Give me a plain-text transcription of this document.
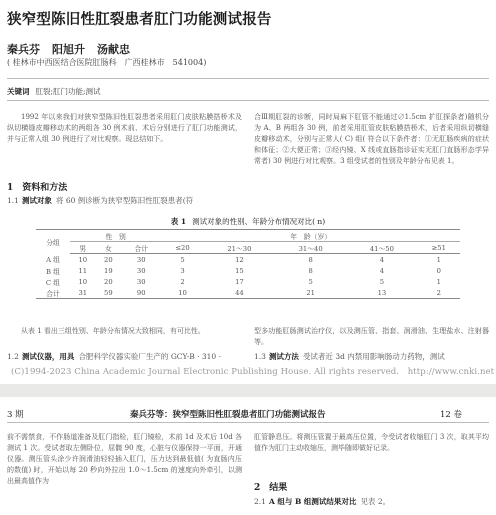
狭窄型陈旧性肛裂患者肛门功能测试报告
秦兵芬 阳旭升 汤献忠
( 桂林市中西医结合医院肛肠科　广西桂林市　541004)
关键词 肛裂;肛门功能;测试

1992 年以来我们对狭窄型陈旧性肛裂患者采用肛门皮肤粘膜搭桥术及纵切横缝皮瓣移动术的两组各 30 例术前、术后分别进行了肛门功能测试，并与正常人组 30 例进行了对比观察。现总结如下。

1　资料和方法
1.1 测试对象 将 60 例诊断为狭窄型陈旧性肛裂患者(符

合Ⅲ期肛裂的诊断，同时局麻下肛管不能通过∅1.5cm 扩肛探条者)随机分为 A、B 两组各 30 例，前者采用肛管皮肤粘膜搭桥术，后者采用纵切横缝皮瓣移动术，分别与正常人( C) 组( 符合以下条件者：①无肛肠疾病的症状和体征；②大便正常；③经内镜、X 线或直肠指诊证实无肛门直肠形态学异常者) 30 例进行对比观察。3 组受试者的性别及年龄分布见表 1。

表 1 测试对象的性别、年龄分布情况对比( n)
分组	性　别			年　龄（岁）				
	男	女	合计	≤20	21～30	31～40	41～50	≥51
A 组	10	20	30	5	12	8	4	1
B 组	11	19	30	3	15	8	4	0
C 组	10	20	30	2	17	5	5	1
合计	31	59	90	10	44	21	13	2

从表 1 看出三组性别、年龄分布情况大致相同，有可比性。

1.2 测试仪器，用具 合肥科学仪器实验厂生产的 GCY-B · 310 ·

型多功能肛肠测试治疗仪，以及测压管、指套、润滑油、生理盐水、注射器等。

1.3 测试方法 受试者近 3d 内禁用影响肠动力药物，测试
(C)1994-2023 China Academic Journal Electronic Publishing House. All rights reserved.　http://www.cnki.net
3 期	秦兵芬等：狭窄型陈旧性肛裂患者肛门功能测试报告	12 卷

前不需禁食，不作肠道准备及肛门指检，肛门镜检，术前 1d 及术后 10d 各测试 1 次。受试者取左侧卧位，屈髋 90 度，心脏与仪器保持一平面，开通仪器。测压管头涂少许润滑油轻轻插入肛门，压力达到最低值( 为直肠内压的数值) 时，开始以每 20 秒向外拉出 1.0～1.5cm 的速度向外牵引，以测出最高值作为

肛管静息压。将测压管置于最高压位置，令受试者收缩肛门 3 次，取其平均值作为肛门主动收缩压，测毕随即做好记录。

2　结果
2.1 A 组与 B 组测试结果对比 见表 2。
